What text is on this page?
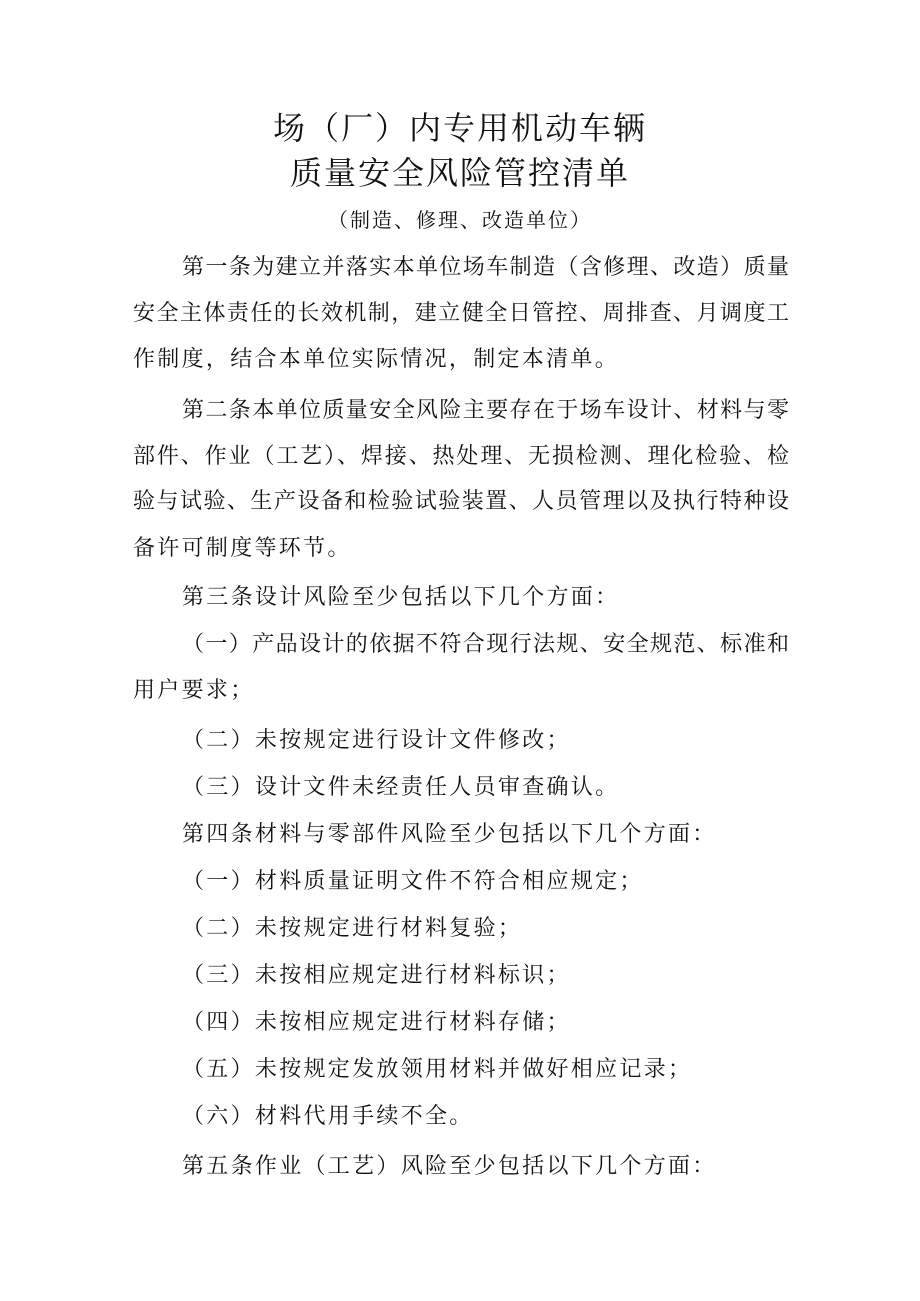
场（厂）内专用机动车辆
质量安全风险管控清单
（制造、修理、改造单位）
第一条为建立并落实本单位场车制造（含修理、改造）质量
安全主体责任的长效机制，建立健全日管控、周排查、月调度工
作制度，结合本单位实际情况，制定本清单。
第二条本单位质量安全风险主要存在于场车设计、材料与零
部件、作业（工艺）、焊接、热处理、无损检测、理化检验、检
验与试验、生产设备和检验试验装置、人员管理以及执行特种设
备许可制度等环节。
第三条设计风险至少包括以下几个方面：
（一）产品设计的依据不符合现行法规、安全规范、标准和
用户要求；
（二）未按规定进行设计文件修改；
（三）设计文件未经责任人员审查确认。
第四条材料与零部件风险至少包括以下几个方面：
（一）材料质量证明文件不符合相应规定；
（二）未按规定进行材料复验；
（三）未按相应规定进行材料标识；
（四）未按相应规定进行材料存储；
（五）未按规定发放领用材料并做好相应记录；
（六）材料代用手续不全。
第五条作业（工艺）风险至少包括以下几个方面：
